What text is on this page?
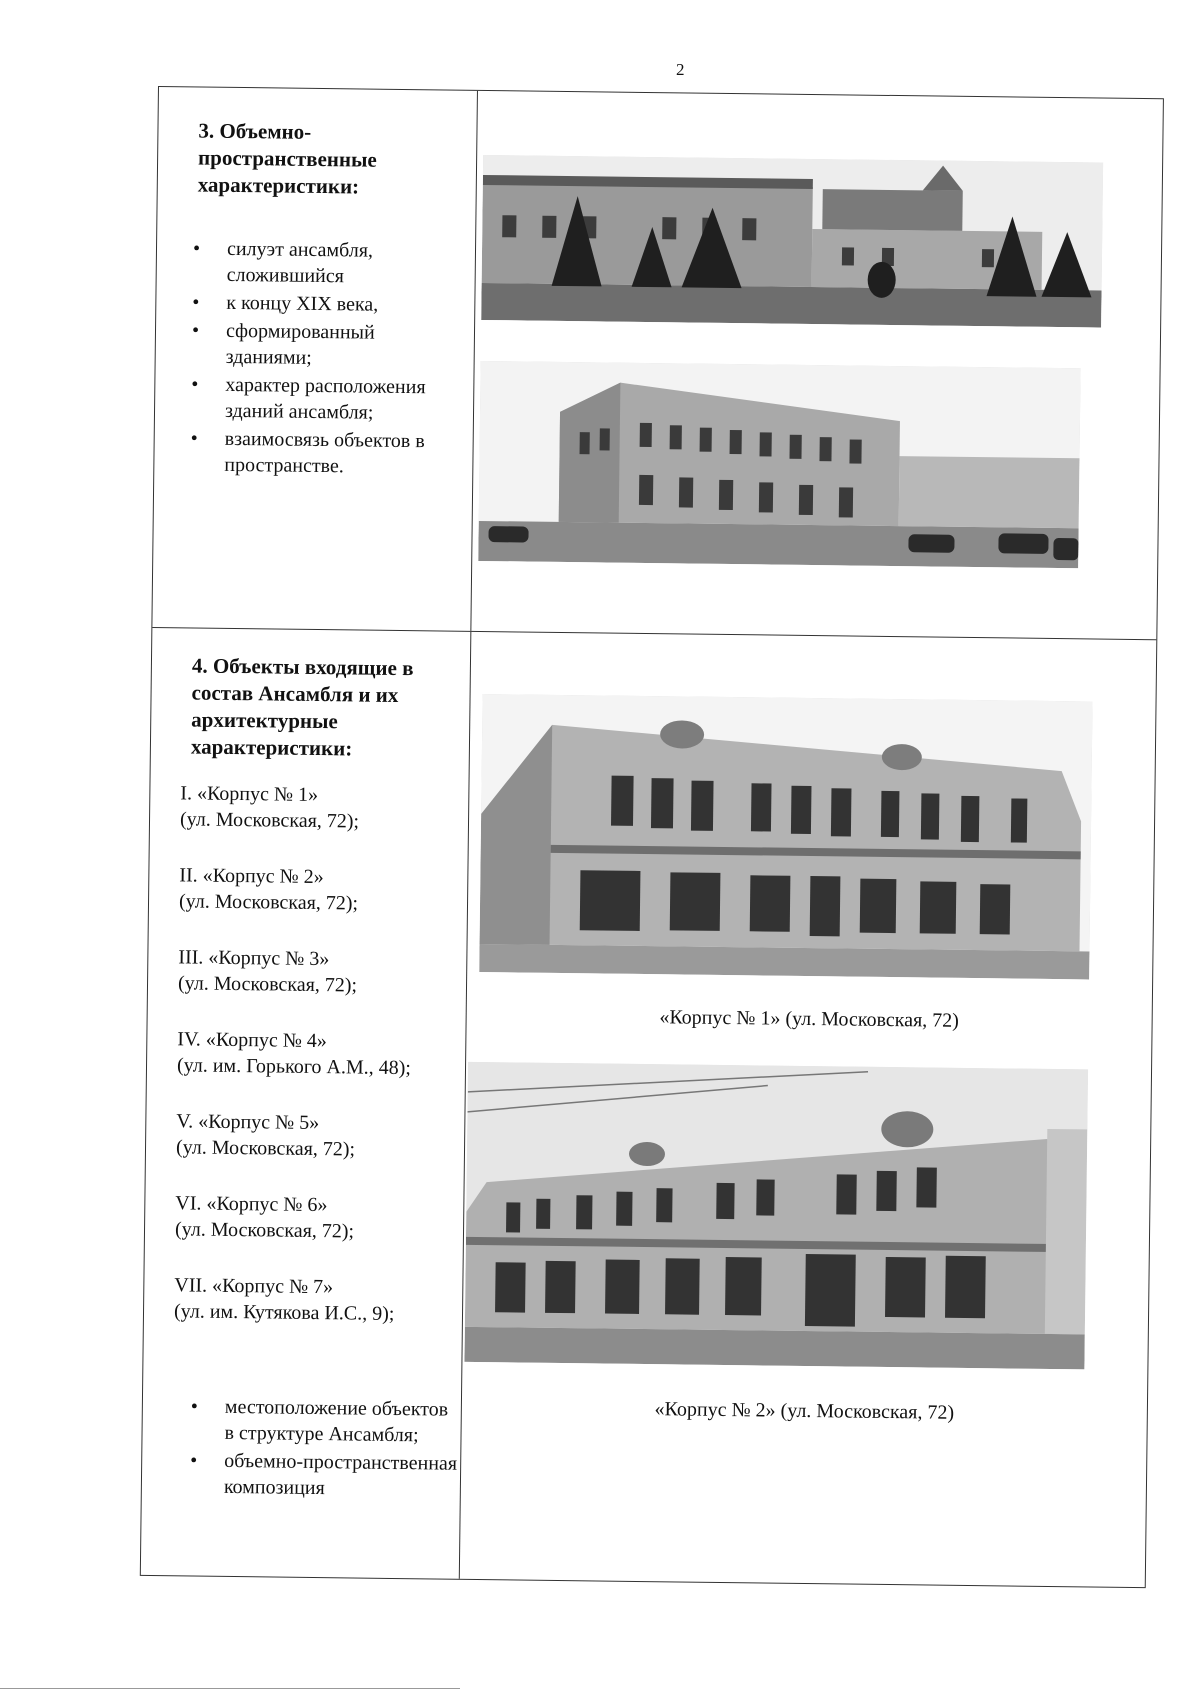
2
3. Объемно-пространственные характеристики:
• силуэт ансамбля, сложившийся
• к концу XIX века,
• сформированный зданиями;
• характер расположения зданий ансамбля;
• взаимосвязь объектов в пространстве.
4. Объекты входящие в состав Ансамбля и их архитектурные характеристики:
I. «Корпус № 1»
(ул. Московская, 72);
II. «Корпус № 2»
(ул. Московская, 72);
III. «Корпус № 3»
(ул. Московская, 72);
IV. «Корпус № 4»
(ул. им. Горького А.М., 48);
V. «Корпус № 5»
(ул. Московская, 72);
VI. «Корпус № 6»
(ул. Московская, 72);
VII. «Корпус № 7»
(ул. им. Кутякова И.С., 9);
• местоположение объектов в структуре Ансамбля;
• объемно-пространственная композиция
«Корпус № 1» (ул. Московская, 72)
«Корпус № 2» (ул. Московская, 72)
